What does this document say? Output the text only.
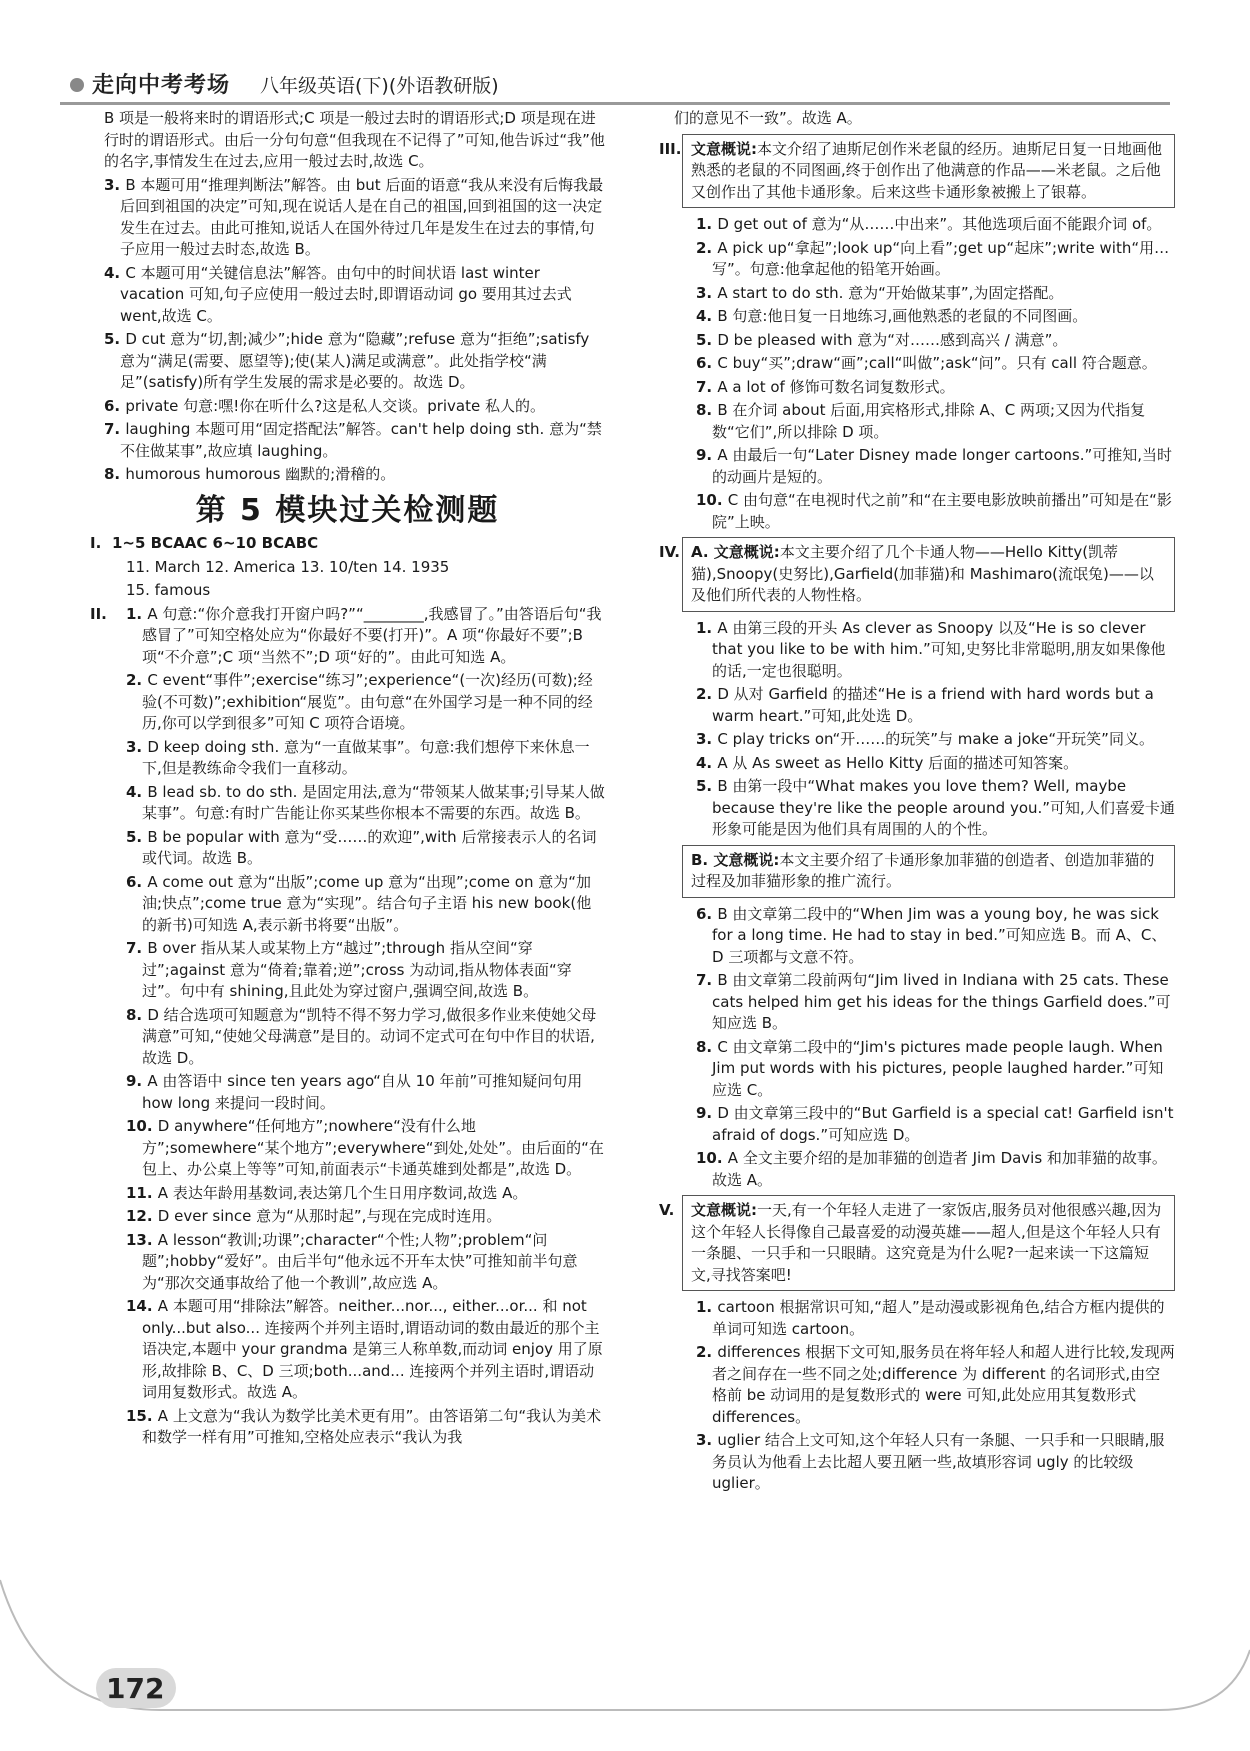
走向中考考场 八年级英语(下)(外语教研版)

B 项是一般将来时的谓语形式;C 项是一般过去时的谓语形式;D 项是现在进行时的谓语形式。由后一分句句意“但我现在不记得了”可知,他告诉过“我”他的名字,事情发生在过去,应用一般过去时,故选 C。

3. B 本题可用“推理判断法”解答。由 but 后面的语意“我从来没有后悔我最后回到祖国的决定”可知,现在说话人是在自己的祖国,回到祖国的这一决定发生在过去。由此可推知,说话人在国外待过几年是发生在过去的事情,句子应用一般过去时态,故选 B。
4. C 本题可用“关键信息法”解答。由句中的时间状语 last winter vacation 可知,句子应使用一般过去时,即谓语动词 go 要用其过去式 went,故选 C。
5. D cut 意为“切,割;减少”;hide 意为“隐藏”;refuse 意为“拒绝”;satisfy 意为“满足(需要、愿望等);使(某人)满足或满意”。此处指学校“满足”(satisfy)所有学生发展的需求是必要的。故选 D。
6. private 句意:嘿!你在听什么?这是私人交谈。private 私人的。
7. laughing 本题可用“固定搭配法”解答。can't help doing sth. 意为“禁不住做某事”,故应填 laughing。
8. humorous humorous 幽默的;滑稽的。
第 5 模块过关检测题
I. 1~5 BCAAC 6~10 BCABC
11. March 12. America 13. 10/ten 14. 1935
15. famous
II.	1. A 句意:“你介意我打开窗户吗?”“________,我感冒了。”由答语后句“我感冒了”可知空格处应为“你最好不要(打开)”。A 项“你最好不要”;B 项“不介意”;C 项“当然不”;D 项“好的”。由此可知选 A。
2. C event“事件”;exercise“练习”;experience“(一次)经历(可数);经验(不可数)”;exhibition“展览”。由句意“在外国学习是一种不同的经历,你可以学到很多”可知 C 项符合语境。
3. D keep doing sth. 意为“一直做某事”。句意:我们想停下来休息一下,但是教练命令我们一直移动。
4. B lead sb. to do sth. 是固定用法,意为“带领某人做某事;引导某人做某事”。句意:有时广告能让你买某些你根本不需要的东西。故选 B。
5. B be popular with 意为“受……的欢迎”,with 后常接表示人的名词或代词。故选 B。
6. A come out 意为“出版”;come up 意为“出现”;come on 意为“加油;快点”;come true 意为“实现”。结合句子主语 his new book(他的新书)可知选 A,表示新书将要“出版”。
7. B over 指从某人或某物上方“越过”;through 指从空间“穿过”;against 意为“倚着;靠着;逆”;cross 为动词,指从物体表面“穿过”。句中有 shining,且此处为穿过窗户,强调空间,故选 B。
8. D 结合选项可知题意为“凯特不得不努力学习,做很多作业来使她父母满意”可知,“使她父母满意”是目的。动词不定式可在句中作目的状语,故选 D。
9. A 由答语中 since ten years ago“自从 10 年前”可推知疑问句用 how long 来提问一段时间。
10. D anywhere“任何地方”;nowhere“没有什么地方”;somewhere“某个地方”;everywhere“到处,处处”。由后面的“在包上、办公桌上等等”可知,前面表示“卡通英雄到处都是”,故选 D。
11. A 表达年龄用基数词,表达第几个生日用序数词,故选 A。
12. D ever since 意为“从那时起”,与现在完成时连用。
13. A lesson“教训;功课”;character“个性;人物”;problem“问题”;hobby“爱好”。由后半句“他永远不开车太快”可推知前半句意为“那次交通事故给了他一个教训”,故应选 A。
14. A 本题可用“排除法”解答。neither...nor..., either...or... 和 not only...but also... 连接两个并列主语时,谓语动词的数由最近的那个主语决定,本题中 your grandma 是第三人称单数,而动词 enjoy 用了原形,故排除 B、C、D 三项;both...and... 连接两个并列主语时,谓语动词用复数形式。故选 A。
15. A 上文意为“我认为数学比美术更有用”。由答语第二句“我认为美术和数学一样有用”可推知,空格处应表示“我认为我

们的意见不一致”。故选 A。

III. 文意概说:本文介绍了迪斯尼创作米老鼠的经历。迪斯尼日复一日地画他熟悉的老鼠的不同图画,终于创作出了他满意的作品——米老鼠。之后他又创作出了其他卡通形象。后来这些卡通形象被搬上了银幕。
1. D get out of 意为“从……中出来”。其他选项后面不能跟介词 of。
2. A pick up“拿起”;look up“向上看”;get up“起床”;write with“用…写”。句意:他拿起他的铅笔开始画。
3. A start to do sth. 意为“开始做某事”,为固定搭配。
4. B 句意:他日复一日地练习,画他熟悉的老鼠的不同图画。
5. D be pleased with 意为“对……感到高兴 / 满意”。
6. C buy“买”;draw“画”;call“叫做”;ask“问”。只有 call 符合题意。
7. A a lot of 修饰可数名词复数形式。
8. B 在介词 about 后面,用宾格形式,排除 A、C 两项;又因为代指复数“它们”,所以排除 D 项。
9. A 由最后一句“Later Disney made longer cartoons.”可推知,当时的动画片是短的。
10. C 由句意“在电视时代之前”和“在主要电影放映前播出”可知是在“影院”上映。
IV. A. 文意概说:本文主要介绍了几个卡通人物——Hello Kitty(凯蒂猫),Snoopy(史努比),Garfield(加菲猫)和 Mashimaro(流氓兔)——以及他们所代表的人物性格。
1. A 由第三段的开头 As clever as Snoopy 以及“He is so clever that you like to be with him.”可知,史努比非常聪明,朋友如果像他的话,一定也很聪明。
2. D 从对 Garfield 的描述“He is a friend with hard words but a warm heart.”可知,此处选 D。
3. C play tricks on“开……的玩笑”与 make a joke“开玩笑”同义。
4. A 从 As sweet as Hello Kitty 后面的描述可知答案。
5. B 由第一段中“What makes you love them? Well, maybe because they're like the people around you.”可知,人们喜爱卡通形象可能是因为他们具有周围的人的个性。
B. 文意概说:本文主要介绍了卡通形象加菲猫的创造者、创造加菲猫的过程及加菲猫形象的推广流行。
6. B 由文章第二段中的“When Jim was a young boy, he was sick for a long time. He had to stay in bed.”可知应选 B。而 A、C、D 三项都与文意不符。
7. B 由文章第二段前两句“Jim lived in Indiana with 25 cats. These cats helped him get his ideas for the things Garfield does.”可知应选 B。
8. C 由文章第二段中的“Jim's pictures made people laugh. When Jim put words with his pictures, people laughed harder.”可知应选 C。
9. D 由文章第三段中的“But Garfield is a special cat! Garfield isn't afraid of dogs.”可知应选 D。
10. A 全文主要介绍的是加菲猫的创造者 Jim Davis 和加菲猫的故事。故选 A。
V. 文意概说:一天,有一个年轻人走进了一家饭店,服务员对他很感兴趣,因为这个年轻人长得像自己最喜爱的动漫英雄——超人,但是这个年轻人只有一条腿、一只手和一只眼睛。这究竟是为什么呢?一起来读一下这篇短文,寻找答案吧!
1. cartoon 根据常识可知,“超人”是动漫或影视角色,结合方框内提供的单词可知选 cartoon。
2. differences 根据下文可知,服务员在将年轻人和超人进行比较,发现两者之间存在一些不同之处;difference 为 different 的名词形式,由空格前 be 动词用的是复数形式的 were 可知,此处应用其复数形式 differences。
3. uglier 结合上文可知,这个年轻人只有一条腿、一只手和一只眼睛,服务员认为他看上去比超人要丑陋一些,故填形容词 ugly 的比较级 uglier。
172
